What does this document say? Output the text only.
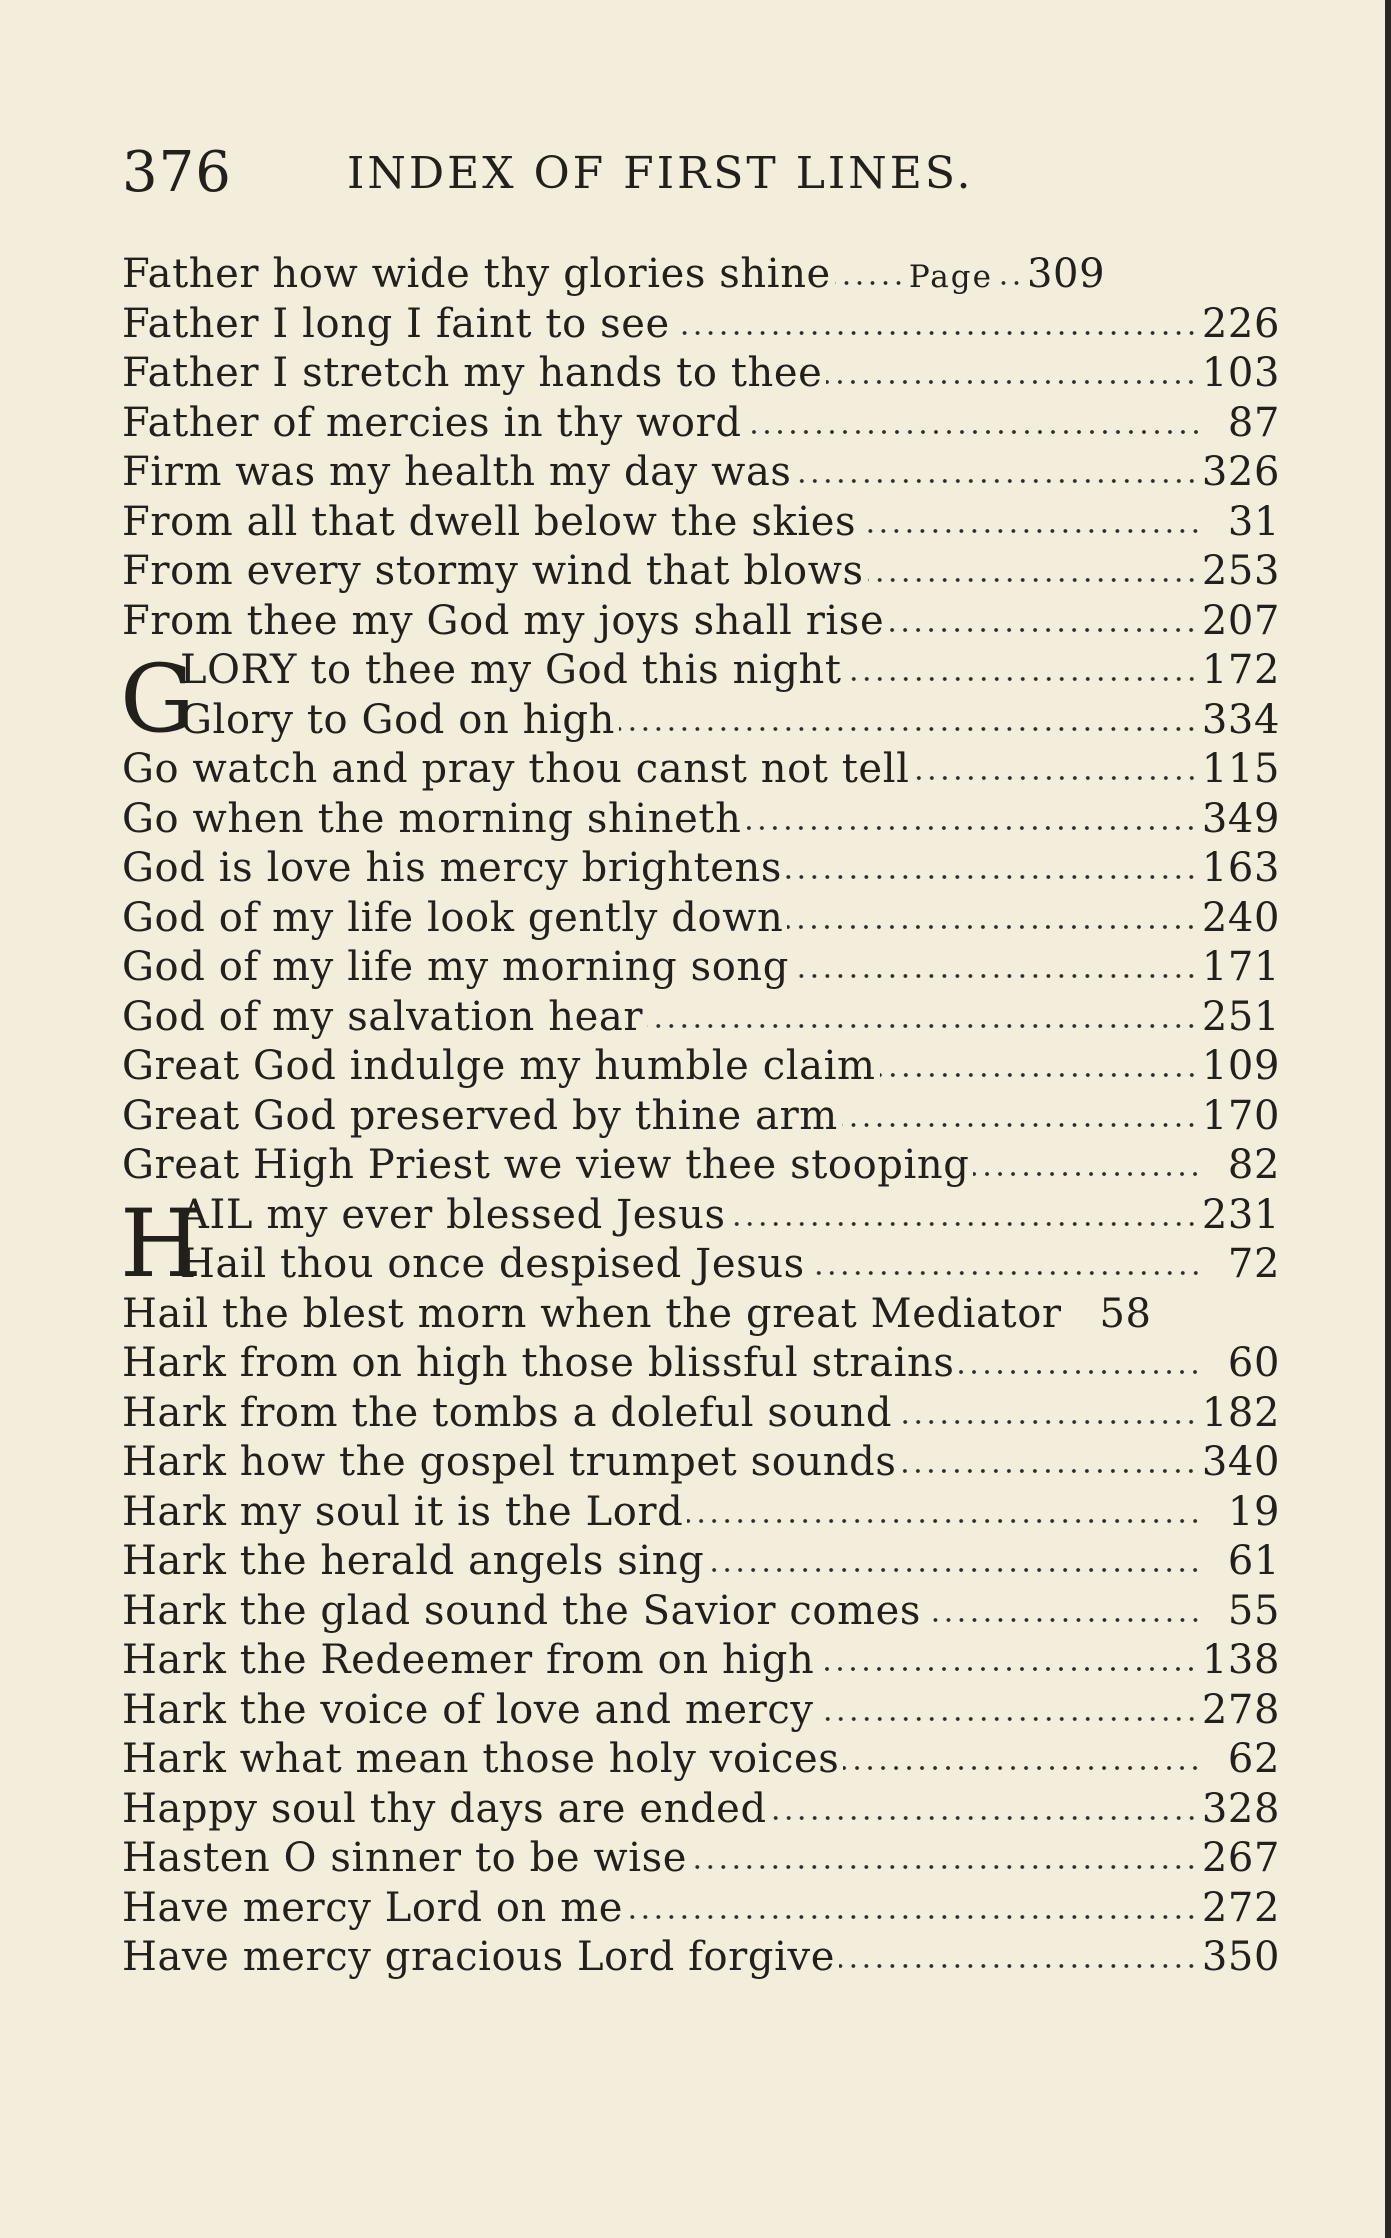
376	INDEX OF FIRST LINES.
Father how wide thy glories shine	Page 309
Father I long I faint to see	226
Father I stretch my hands to thee	103
Father of mercies in thy word	87
Firm was my health my day was	326
From all that dwell below the skies	31
From every stormy wind that blows	253
From thee my God my joys shall rise	207
G
LORY to thee my God this night	172
Glory to God on high	334
Go watch and pray thou canst not tell	115
Go when the morning shineth	349
God is love his mercy brightens	163
God of my life look gently down	240
God of my life my morning song	171
God of my salvation hear	251
Great God indulge my humble claim	109
Great God preserved by thine arm	170
Great High Priest we view thee stooping	82
H
AIL my ever blessed Jesus	231
Hail thou once despised Jesus	72
Hail the blest morn when the great Mediator 58
Hark from on high those blissful strains	60
Hark from the tombs a doleful sound	182
Hark how the gospel trumpet sounds	340
Hark my soul it is the Lord	19
Hark the herald angels sing	61
Hark the glad sound the Savior comes	55
Hark the Redeemer from on high	138
Hark the voice of love and mercy	278
Hark what mean those holy voices	62
Happy soul thy days are ended	328
Hasten O sinner to be wise	267
Have mercy Lord on me	272
Have mercy gracious Lord forgive	350
